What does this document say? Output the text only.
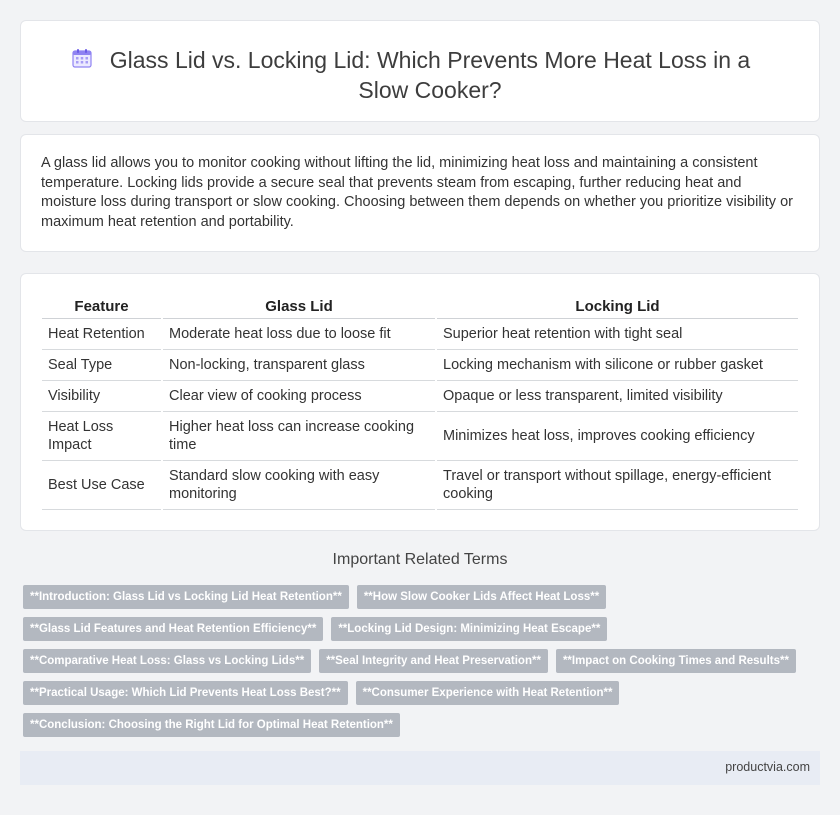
Glass Lid vs. Locking Lid: Which Prevents More Heat Loss in a Slow Cooker?

A glass lid allows you to monitor cooking without lifting the lid, minimizing heat loss and maintaining a consistent temperature. Locking lids provide a secure seal that prevents steam from escaping, further reducing heat and moisture loss during transport or slow cooking. Choosing between them depends on whether you prioritize visibility or maximum heat retention and portability.

Feature	Glass Lid	Locking Lid
Heat Retention	Moderate heat loss due to loose fit	Superior heat retention with tight seal
Seal Type	Non-locking, transparent glass	Locking mechanism with silicone or rubber gasket
Visibility	Clear view of cooking process	Opaque or less transparent, limited visibility
Heat Loss Impact	Higher heat loss can increase cooking time	Minimizes heat loss, improves cooking efficiency
Best Use Case	Standard slow cooking with easy monitoring	Travel or transport without spillage, energy-efficient cooking
Important Related Terms
**Introduction: Glass Lid vs Locking Lid Heat Retention**	**How Slow Cooker Lids Affect Heat Loss**
**Glass Lid Features and Heat Retention Efficiency**	**Locking Lid Design: Minimizing Heat Escape**
**Comparative Heat Loss: Glass vs Locking Lids**	**Seal Integrity and Heat Preservation**	**Impact on Cooking Times and Results**
**Practical Usage: Which Lid Prevents Heat Loss Best?**	**Consumer Experience with Heat Retention**
**Conclusion: Choosing the Right Lid for Optimal Heat Retention**
productvia.com
